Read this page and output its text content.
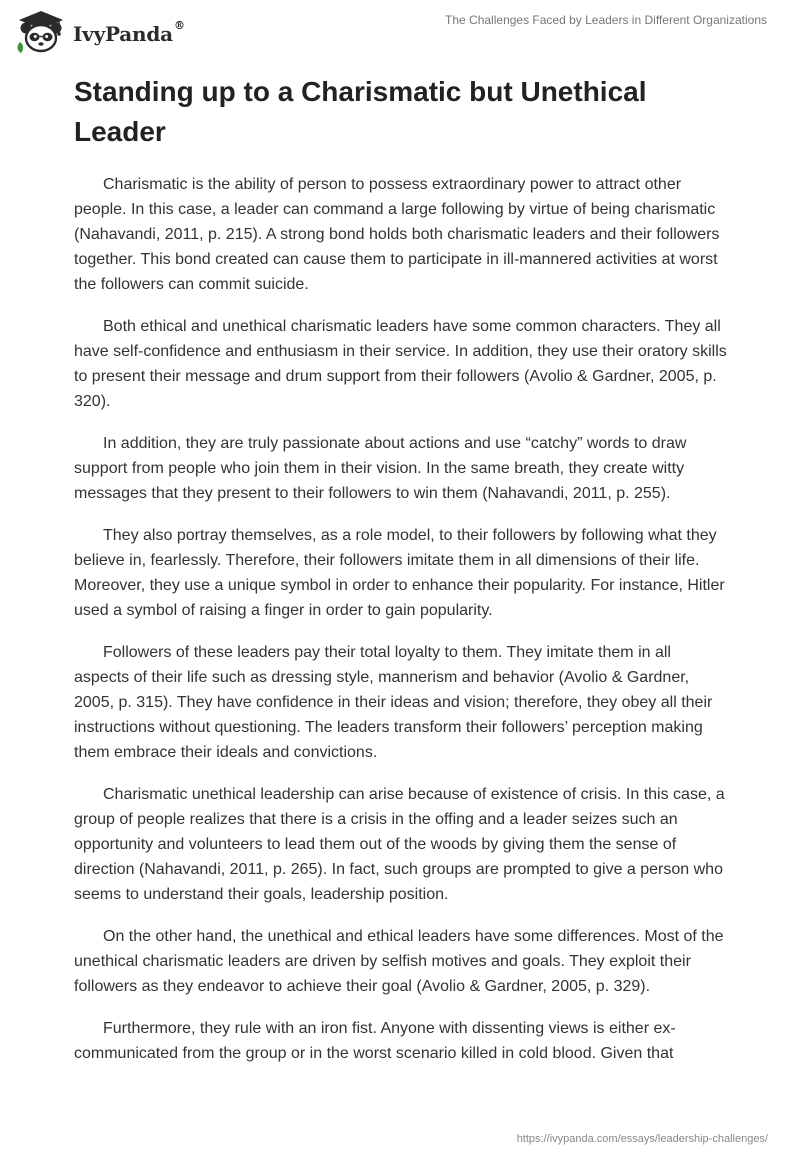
IvyPanda®	The Challenges Faced by Leaders in Different Organizations
Standing up to a Charismatic but Unethical Leader

Charismatic is the ability of person to possess extraordinary power to attract other people. In this case, a leader can command a large following by virtue of being charismatic (Nahavandi, 2011, p. 215). A strong bond holds both charismatic leaders and their followers together. This bond created can cause them to participate in ill-mannered activities at worst the followers can commit suicide.

Both ethical and unethical charismatic leaders have some common characters. They all have self-confidence and enthusiasm in their service. In addition, they use their oratory skills to present their message and drum support from their followers (Avolio & Gardner, 2005, p. 320).

In addition, they are truly passionate about actions and use “catchy” words to draw support from people who join them in their vision. In the same breath, they create witty messages that they present to their followers to win them (Nahavandi, 2011, p. 255).

They also portray themselves, as a role model, to their followers by following what they believe in, fearlessly. Therefore, their followers imitate them in all dimensions of their life. Moreover, they use a unique symbol in order to enhance their popularity. For instance, Hitler used a symbol of raising a finger in order to gain popularity.

Followers of these leaders pay their total loyalty to them. They imitate them in all aspects of their life such as dressing style, mannerism and behavior (Avolio & Gardner, 2005, p. 315). They have confidence in their ideas and vision; therefore, they obey all their instructions without questioning. The leaders transform their followers’ perception making them embrace their ideals and convictions.

Charismatic unethical leadership can arise because of existence of crisis. In this case, a group of people realizes that there is a crisis in the offing and a leader seizes such an opportunity and volunteers to lead them out of the woods by giving them the sense of direction (Nahavandi, 2011, p. 265). In fact, such groups are prompted to give a person who seems to understand their goals, leadership position.

On the other hand, the unethical and ethical leaders have some differences. Most of the unethical charismatic leaders are driven by selfish motives and goals. They exploit their followers as they endeavor to achieve their goal (Avolio & Gardner, 2005, p. 329).

Furthermore, they rule with an iron fist. Anyone with dissenting views is either ex-communicated from the group or in the worst scenario killed in cold blood. Given that

https://ivypanda.com/essays/leadership-challenges/
